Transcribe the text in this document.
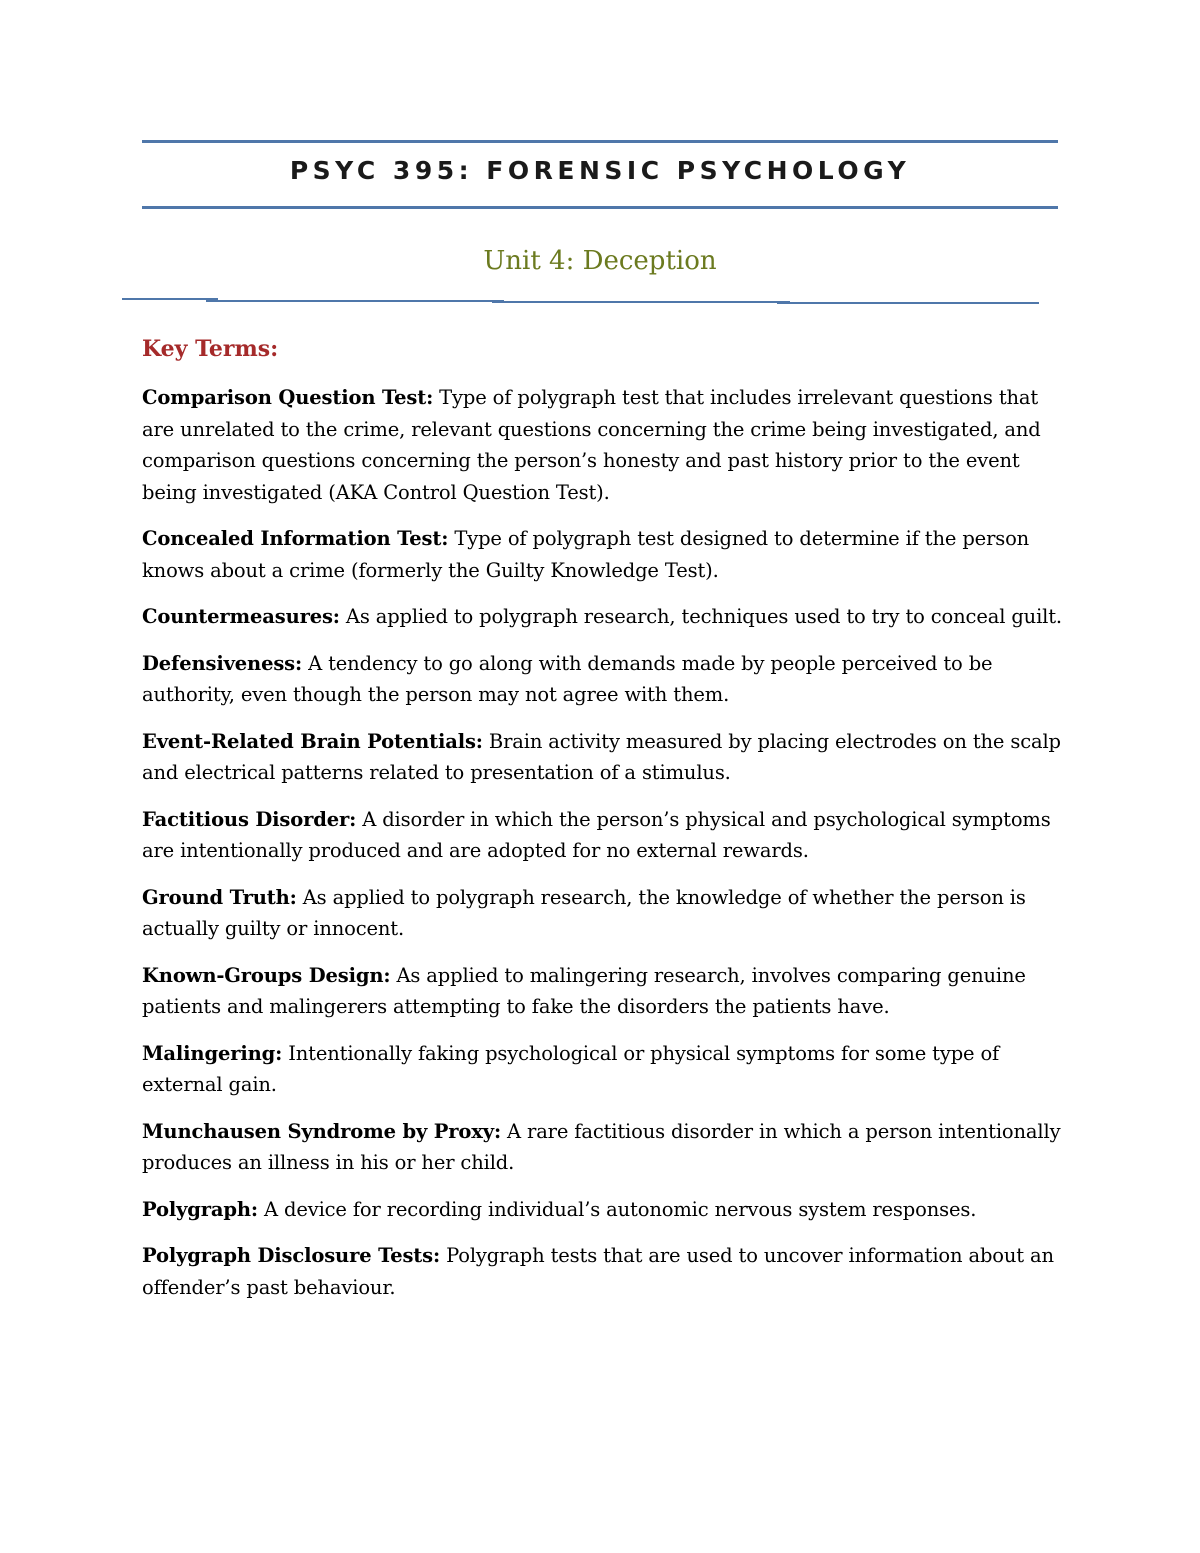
PSYC 395: FORENSIC PSYCHOLOGY
Unit 4: Deception
Key Terms:
Comparison Question Test: Type of polygraph test that includes irrelevant questions that are unrelated to the crime, relevant questions concerning the crime being investigated, and comparison questions concerning the person’s honesty and past history prior to the event being investigated (AKA Control Question Test).
Concealed Information Test: Type of polygraph test designed to determine if the person knows about a crime (formerly the Guilty Knowledge Test).
Countermeasures: As applied to polygraph research, techniques used to try to conceal guilt.
Defensiveness: A tendency to go along with demands made by people perceived to be authority, even though the person may not agree with them.
Event-Related Brain Potentials: Brain activity measured by placing electrodes on the scalp and electrical patterns related to presentation of a stimulus.
Factitious Disorder: A disorder in which the person’s physical and psychological symptoms are intentionally produced and are adopted for no external rewards.
Ground Truth: As applied to polygraph research, the knowledge of whether the person is actually guilty or innocent.
Known-Groups Design: As applied to malingering research, involves comparing genuine patients and malingerers attempting to fake the disorders the patients have.
Malingering: Intentionally faking psychological or physical symptoms for some type of external gain.
Munchausen Syndrome by Proxy: A rare factitious disorder in which a person intentionally produces an illness in his or her child.
Polygraph: A device for recording individual’s autonomic nervous system responses.
Polygraph Disclosure Tests: Polygraph tests that are used to uncover information about an offender’s past behaviour.
